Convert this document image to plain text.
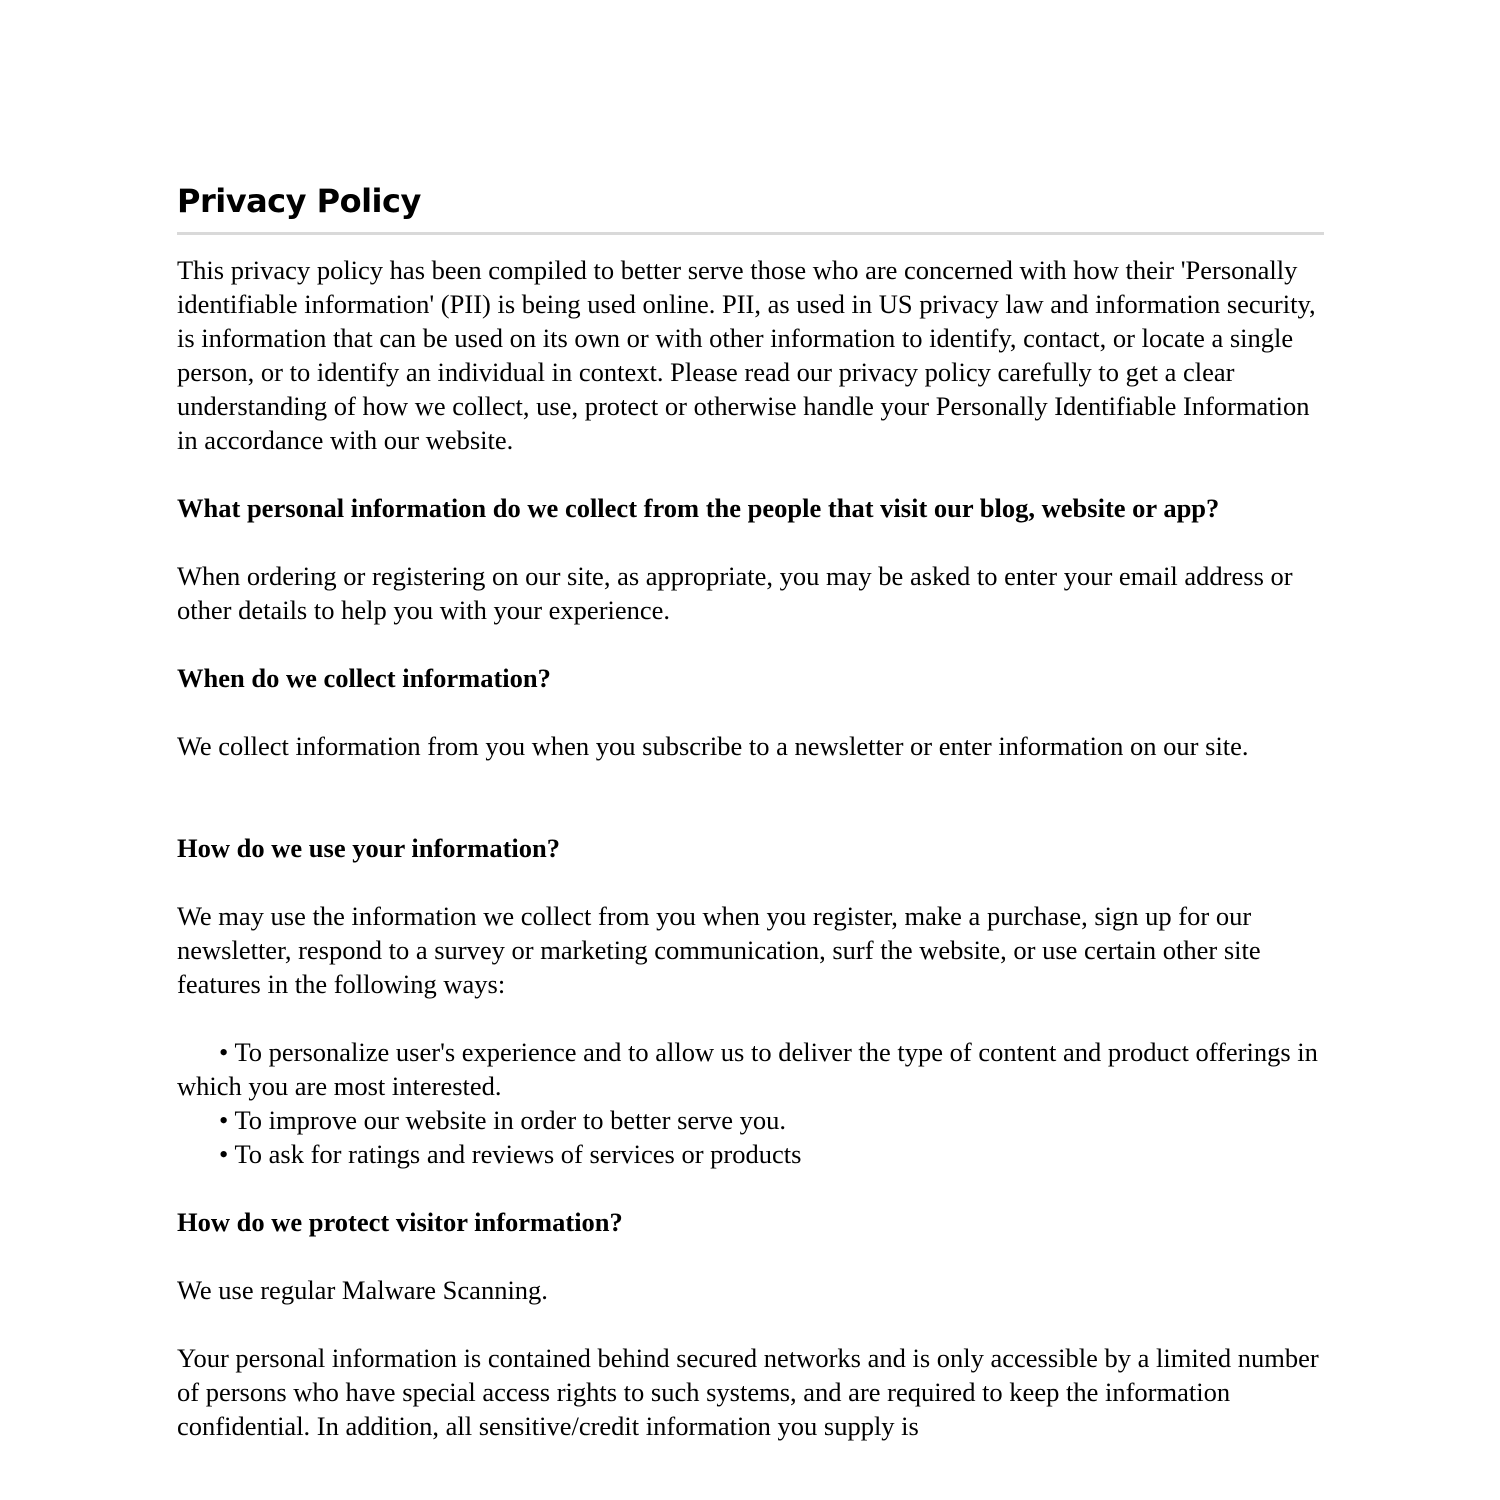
Privacy Policy

This privacy policy has been compiled to better serve those who are concerned with how their 'Personally identifiable information' (PII) is being used online. PII, as used in US privacy law and information security, is information that can be used on its own or with other information to identify, contact, or locate a single person, or to identify an individual in context. Please read our privacy policy carefully to get a clear understanding of how we collect, use, protect or otherwise handle your Personally Identifiable Information in accordance with our website.

What personal information do we collect from the people that visit our blog, website or app?

When ordering or registering on our site, as appropriate, you may be asked to enter your email address or other details to help you with your experience.

When do we collect information?

We collect information from you when you subscribe to a newsletter or enter information on our site.

How do we use your information?

We may use the information we collect from you when you register, make a purchase, sign up for our newsletter, respond to a survey or marketing communication, surf the website, or use certain other site features in the following ways:

• To personalize user's experience and to allow us to deliver the type of content and product offerings in which you are most interested.
• To improve our website in order to better serve you.
• To ask for ratings and reviews of services or products
How do we protect visitor information?

We use regular Malware Scanning.

Your personal information is contained behind secured networks and is only accessible by a limited number of persons who have special access rights to such systems, and are required to keep the information confidential. In addition, all sensitive/credit information you supply is
